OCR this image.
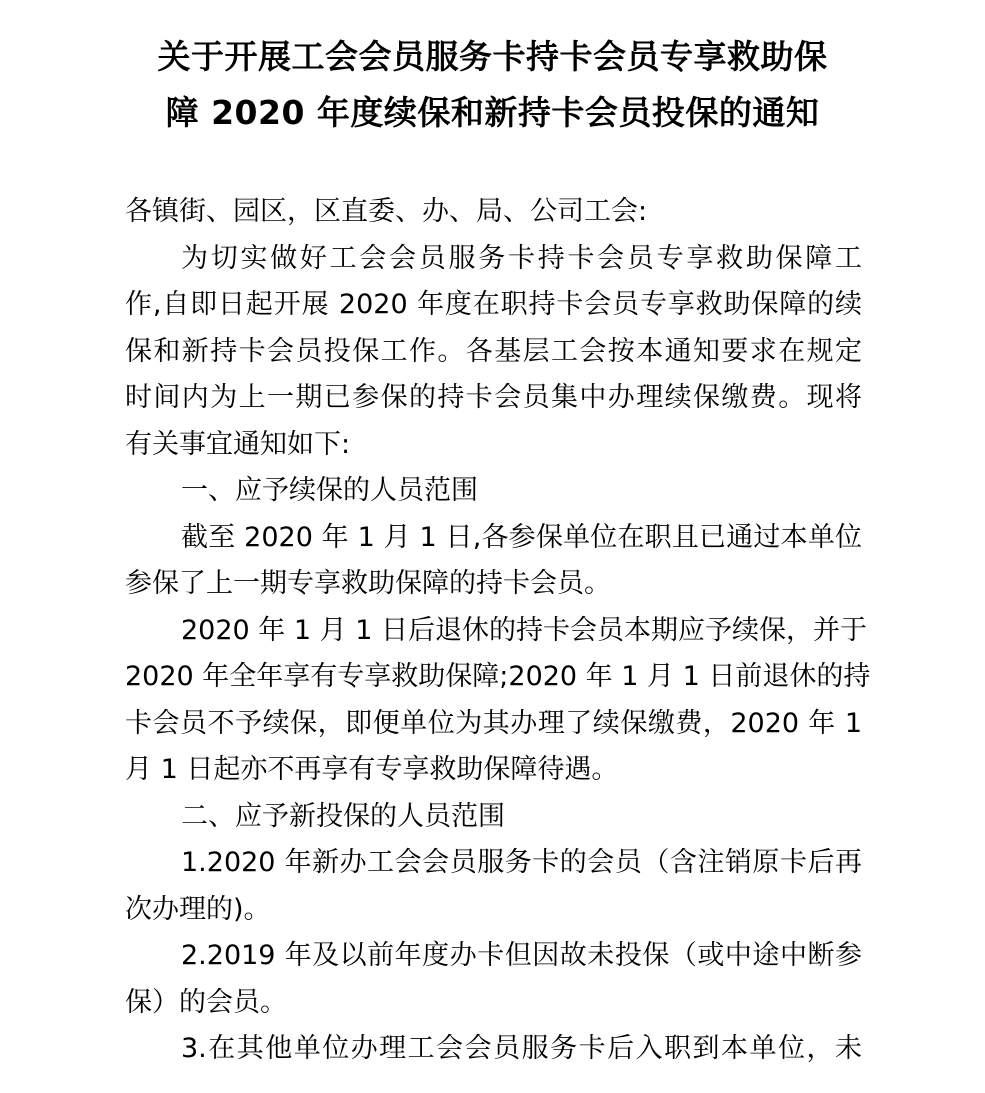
关于开展工会会员服务卡持卡会员专享救助保
障 2020 年度续保和新持卡会员投保的通知
各镇街、园区，区直委、办、局、公司工会:
为切实做好工会会员服务卡持卡会员专享救助保障工
作,自即日起开展 2020 年度在职持卡会员专享救助保障的续
保和新持卡会员投保工作。各基层工会按本通知要求在规定
时间内为上一期已参保的持卡会员集中办理续保缴费。现将
有关事宜通知如下:
一、应予续保的人员范围
截至 2020 年 1 月 1 日,各参保单位在职且已通过本单位
参保了上一期专享救助保障的持卡会员。
2020 年 1 月 1 日后退休的持卡会员本期应予续保，并于
2020 年全年享有专享救助保障;2020 年 1 月 1 日前退休的持
卡会员不予续保，即便单位为其办理了续保缴费，2020 年 1
月 1 日起亦不再享有专享救助保障待遇。
二、应予新投保的人员范围
1.2020 年新办工会会员服务卡的会员（含注销原卡后再
次办理的)。
2.2019 年及以前年度办卡但因故未投保（或中途中断参
保）的会员。
3.在其他单位办理工会会员服务卡后入职到本单位，未
